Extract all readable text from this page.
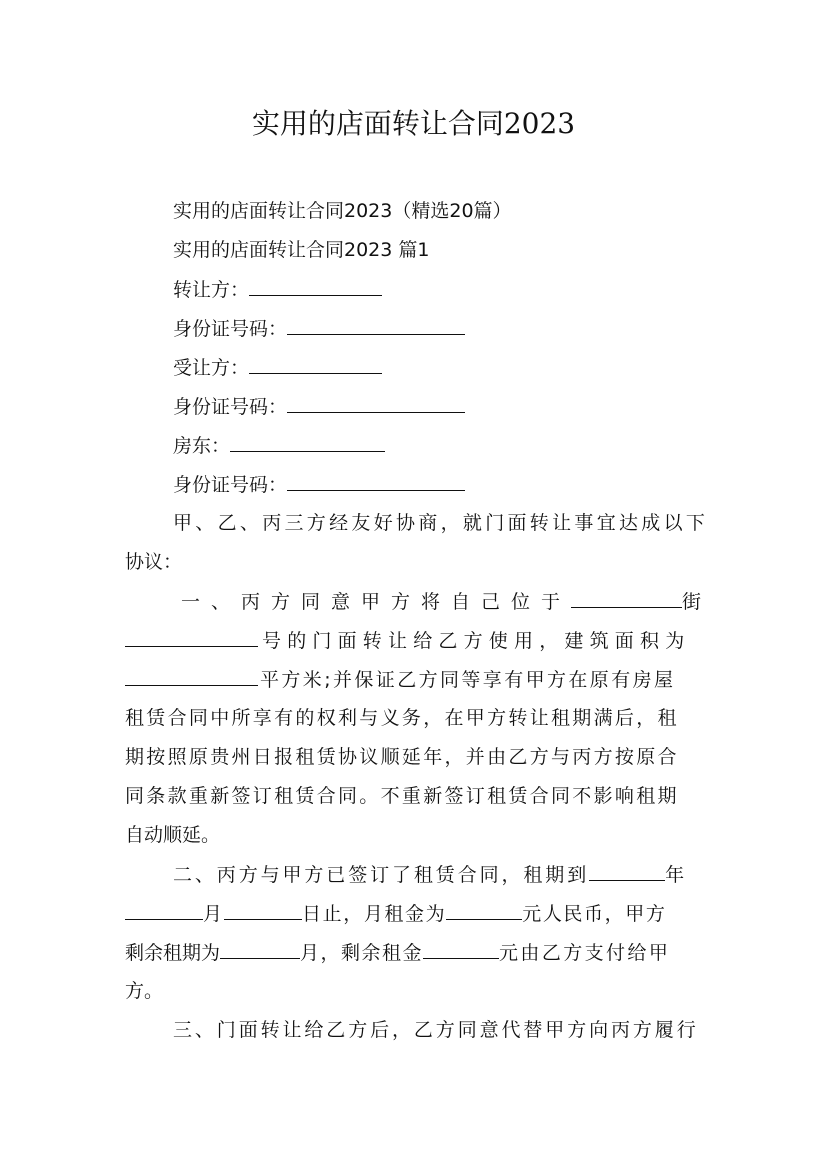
实用的店面转让合同2023
实用的店面转让合同2023（精选20篇）
实用的店面转让合同2023 篇1
转让方：
身份证号码：
受让方：
身份证号码：
房东：
身份证号码：
甲、乙、丙三方经友好协商，就门面转让事宜达成以下
协议：
一、丙方同意甲方将自己位于	街
号的门面转让给乙方使用，建筑面积为
平方米;并保证乙方同等享有甲方在原有房屋
租赁合同中所享有的权利与义务，在甲方转让租期满后，租
期按照原贵州日报租赁协议顺延年，并由乙方与丙方按原合
同条款重新签订租赁合同。不重新签订租赁合同不影响租期
自动顺延。
二、丙方与甲方已签订了租赁合同，租期到	年
月	日止，月租金为	元人民币，甲方
剩余租期为	月，剩余租金	元由乙方支付给甲
方。
三、门面转让给乙方后，乙方同意代替甲方向丙方履行
